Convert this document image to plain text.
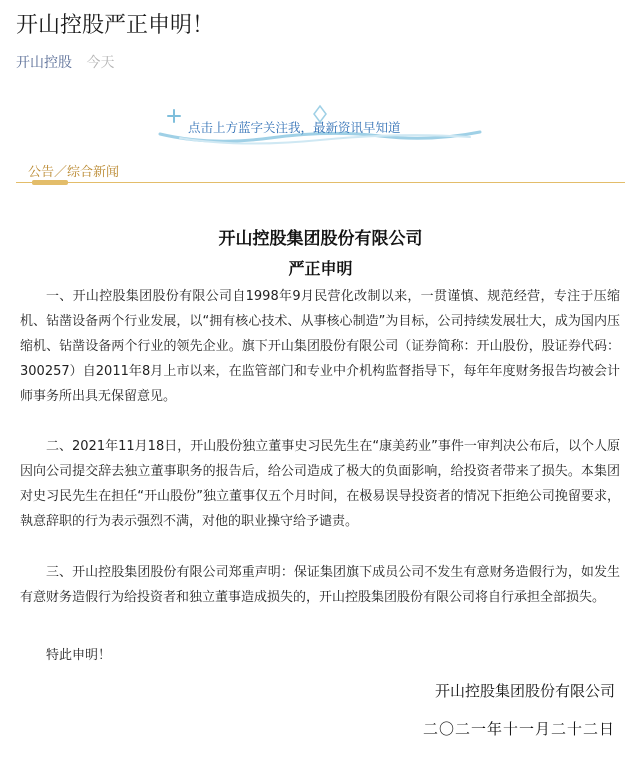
开山控股严正申明！
开山控股 今天
点击上方蓝字关注我，最新资讯早知道
公告／综合新闻
开山控股集团股份有限公司
严正申明

一、开山控股集团股份有限公司自1998年9月民营化改制以来，一贯谨慎、规范经营，专注于压缩机、钻凿设备两个行业发展，以“拥有核心技术、从事核心制造”为目标，公司持续发展壮大，成为国内压缩机、钻凿设备两个行业的领先企业。旗下开山集团股份有限公司（证券简称：开山股份，股证券代码：300257）自2011年8月上市以来，在监管部门和专业中介机构监督指导下，每年年度财务报告均被会计师事务所出具无保留意见。

二、2021年11月18日，开山股份独立董事史习民先生在“康美药业”事件一审判决公布后，以个人原因向公司提交辞去独立董事职务的报告后，给公司造成了极大的负面影响，给投资者带来了损失。本集团对史习民先生在担任“开山股份”独立董事仅五个月时间，在极易误导投资者的情况下拒绝公司挽留要求，執意辞职的行为表示强烈不满，对他的职业操守给予谴责。

三、开山控股集团股份有限公司郑重声明：保证集团旗下成员公司不发生有意财务造假行为，如发生有意财务造假行为给投资者和独立董事造成损失的，开山控股集团股份有限公司将自行承担全部损失。

特此申明！
开山控股集团股份有限公司
二〇二一年十一月二十二日
